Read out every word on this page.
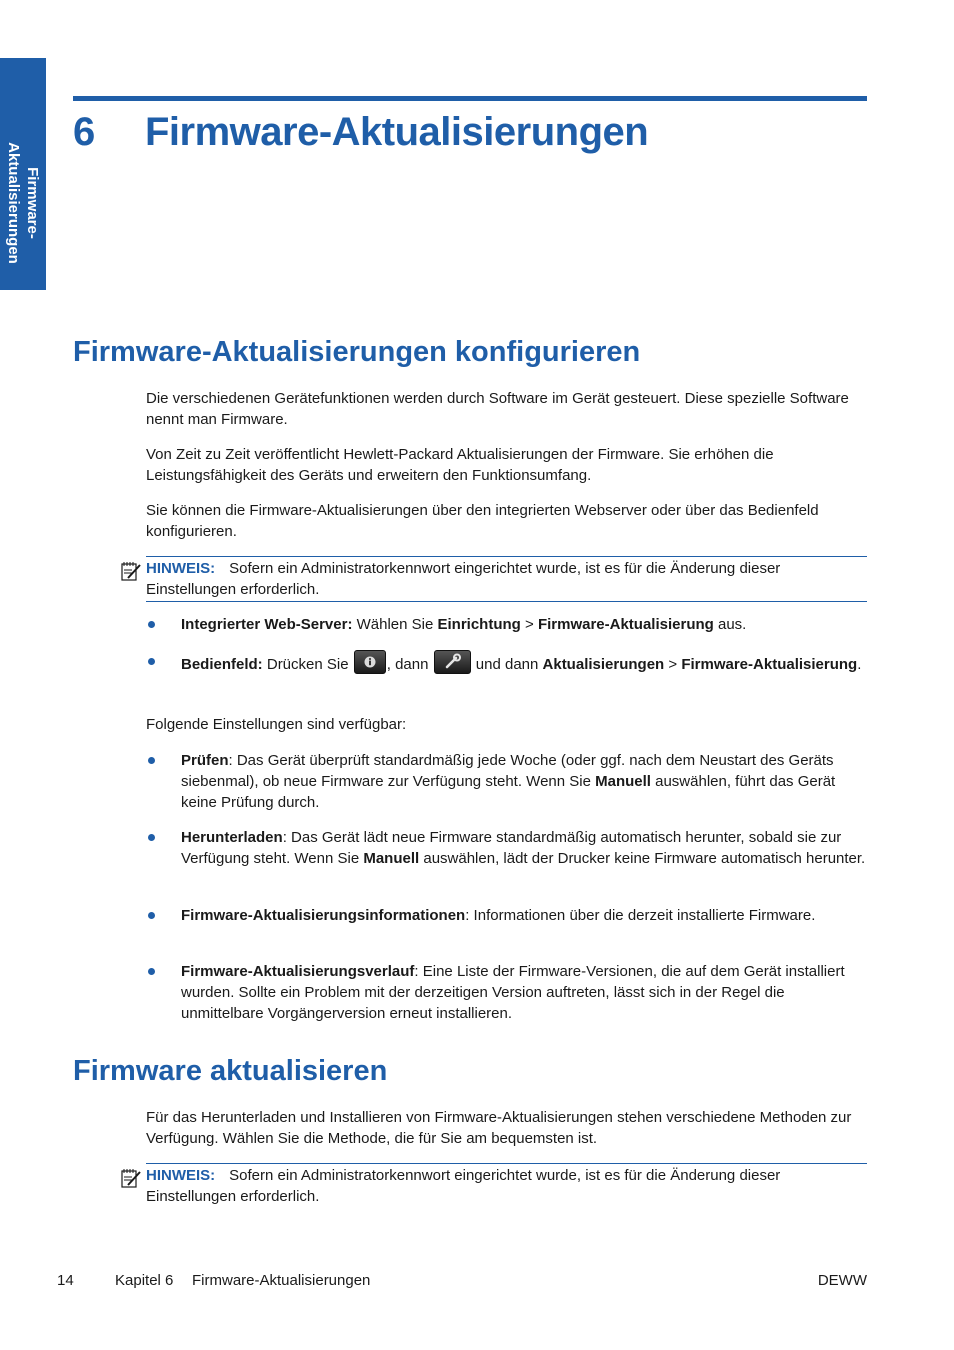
Firmware-
Aktualisierungen
6 Firmware-Aktualisierungen
Firmware-Aktualisierungen konfigurieren

Die verschiedenen Gerätefunktionen werden durch Software im Gerät gesteuert. Diese spezielle Software nennt man Firmware.

Von Zeit zu Zeit veröffentlicht Hewlett-Packard Aktualisierungen der Firmware. Sie erhöhen die Leistungsfähigkeit des Geräts und erweitern den Funktionsumfang.

Sie können die Firmware-Aktualisierungen über den integrierten Webserver oder über das Bedienfeld konfigurieren.

HINWEIS: Sofern ein Administratorkennwort eingerichtet wurde, ist es für die Änderung dieser Einstellungen erforderlich.
Integrierter Web-Server: Wählen Sie Einrichtung > Firmware-Aktualisierung aus.
Bedienfeld: Drücken Sie
, dann	und dann Aktualisierungen > Firmware-Aktualisierung.

Folgende Einstellungen sind verfügbar:

Prüfen: Das Gerät überprüft standardmäßig jede Woche (oder ggf. nach dem Neustart des Geräts siebenmal), ob neue Firmware zur Verfügung steht. Wenn Sie Manuell auswählen, führt das Gerät keine Prüfung durch.
Herunterladen: Das Gerät lädt neue Firmware standardmäßig automatisch herunter, sobald sie zur Verfügung steht. Wenn Sie Manuell auswählen, lädt der Drucker keine Firmware automatisch herunter.
Firmware-Aktualisierungsinformationen: Informationen über die derzeit installierte Firmware.
Firmware-Aktualisierungsverlauf: Eine Liste der Firmware-Versionen, die auf dem Gerät installiert wurden. Sollte ein Problem mit der derzeitigen Version auftreten, lässt sich in der Regel die unmittelbare Vorgängerversion erneut installieren.
Firmware aktualisieren

Für das Herunterladen und Installieren von Firmware-Aktualisierungen stehen verschiedene Methoden zur Verfügung. Wählen Sie die Methode, die für Sie am bequemsten ist.

HINWEIS: Sofern ein Administratorkennwort eingerichtet wurde, ist es für die Änderung dieser Einstellungen erforderlich.
14	Kapitel 6 Firmware-Aktualisierungen	DEWW
